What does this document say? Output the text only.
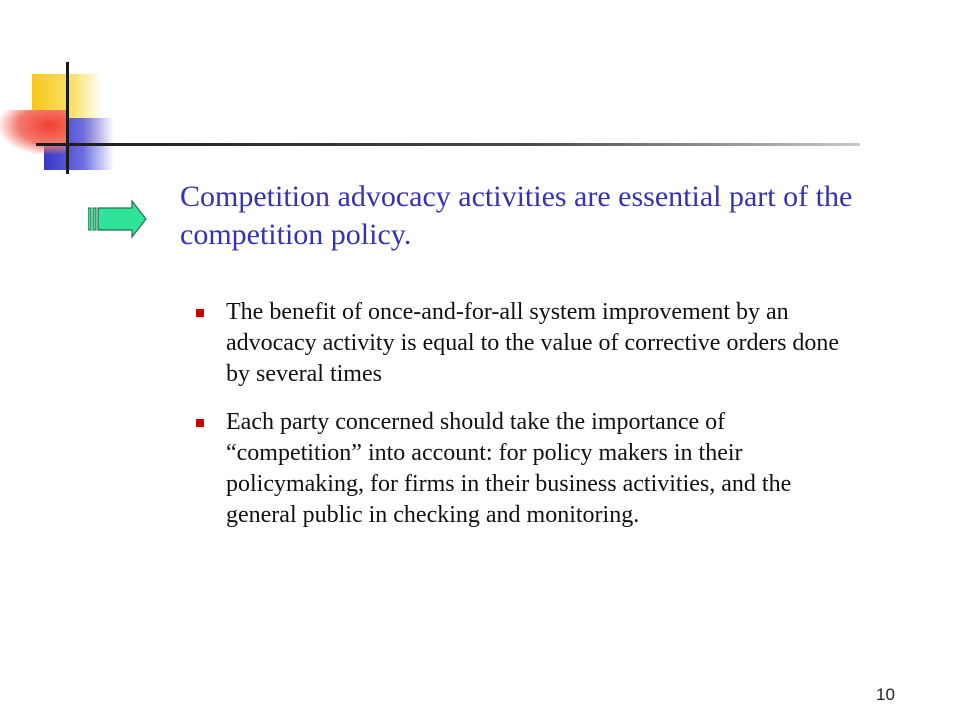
Competition advocacy activities are essential part of the competition policy.
The benefit of once-and-for-all system improvement by an advocacy activity is equal to the value of corrective orders done by several times
Each party concerned should take the importance of “competition” into account: for policy makers in their policymaking, for firms in their business activities, and the general public in checking and monitoring.
10
